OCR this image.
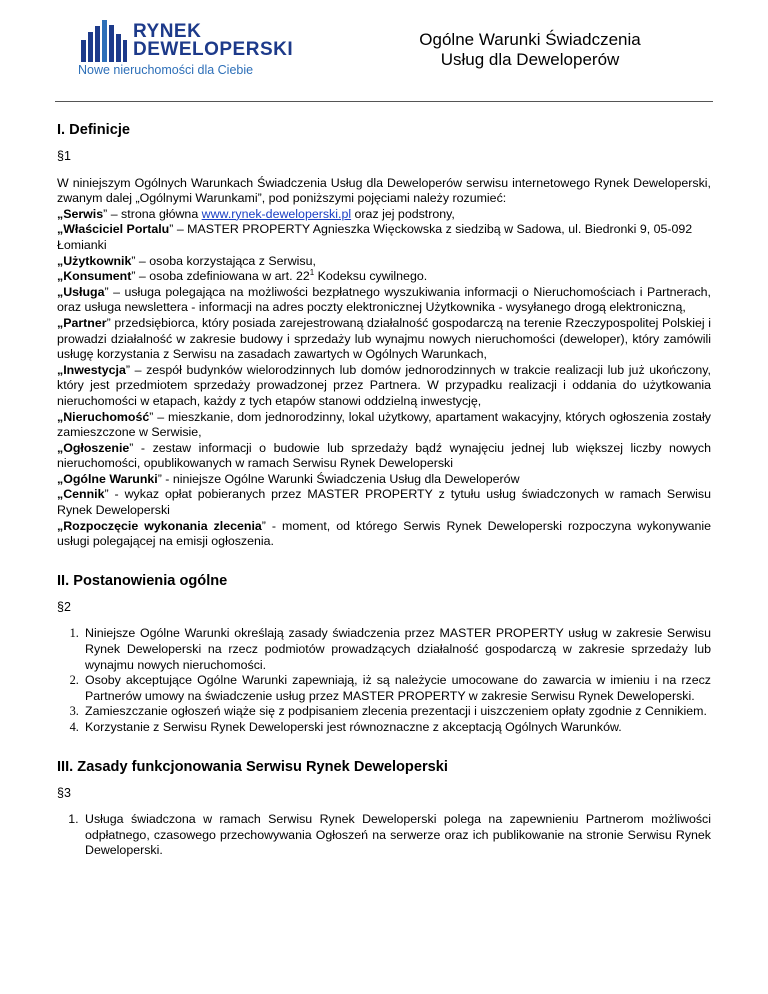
RYNEK
DEWELOPERSKI
Nowe nieruchomości dla Ciebie
Ogólne Warunki Świadczenia
Usług dla Deweloperów
I. Definicje
§1

W niniejszym Ogólnych Warunkach Świadczenia Usług dla Deweloperów serwisu internetowego Rynek Deweloperski, zwanym dalej „Ogólnymi Warunkami”, pod poniższymi pojęciami należy rozumieć:

„Serwis” – strona główna www.rynek-deweloperski.pl oraz jej podstrony,

„Właściciel Portalu” – MASTER PROPERTY Agnieszka Więckowska z siedzibą w Sadowa, ul. Biedronki 9, 05-092 Łomianki

„Użytkownik” – osoba korzystająca z Serwisu,

„Konsument” – osoba zdefiniowana w art. $22^1$ Kodeksu cywilnego.

„Usługa” – usługa polegająca na możliwości bezpłatnego wyszukiwania informacji o Nieruchomościach i Partnerach, oraz usługa newslettera - informacji na adres poczty elektronicznej Użytkownika - wysyłanego drogą elektroniczną,

„Partner” przedsiębiorca, który posiada zarejestrowaną działalność gospodarczą na terenie Rzeczypospolitej Polskiej i prowadzi działalność w zakresie budowy i sprzedaży lub wynajmu nowych nieruchomości (deweloper), który zamówili usługę korzystania z Serwisu na zasadach zawartych w Ogólnych Warunkach,

„Inwestycja” – zespół budynków wielorodzinnych lub domów jednorodzinnych w trakcie realizacji lub już ukończony, który jest przedmiotem sprzedaży prowadzonej przez Partnera. W przypadku realizacji i oddania do użytkowania nieruchomości w etapach, każdy z tych etapów stanowi oddzielną inwestycję,

„Nieruchomość” – mieszkanie, dom jednorodzinny, lokal użytkowy, apartament wakacyjny, których ogłoszenia zostały zamieszczone w Serwisie,

„Ogłoszenie” - zestaw informacji o budowie lub sprzedaży bądź wynajęciu jednej lub większej liczby nowych nieruchomości, opublikowanych w ramach Serwisu Rynek Deweloperski

„Ogólne Warunki” - niniejsze Ogólne Warunki Świadczenia Usług dla Deweloperów

„Cennik” - wykaz opłat pobieranych przez MASTER PROPERTY z tytułu usług świadczonych w ramach Serwisu Rynek Deweloperski

„Rozpoczęcie wykonania zlecenia” - moment, od którego Serwis Rynek Deweloperski rozpoczyna wykonywanie usługi polegającej na emisji ogłoszenia.

II. Postanowienia ogólne
§2
1. Niniejsze Ogólne Warunki określają zasady świadczenia przez MASTER PROPERTY usług w zakresie Serwisu Rynek Deweloperski na rzecz podmiotów prowadzących działalność gospodarczą w zakresie sprzedaży lub wynajmu nowych nieruchomości.
2. Osoby akceptujące Ogólne Warunki zapewniają, iż są należycie umocowane do zawarcia w imieniu i na rzecz Partnerów umowy na świadczenie usług przez MASTER PROPERTY w zakresie Serwisu Rynek Deweloperski.
3. Zamieszczanie ogłoszeń wiąże się z podpisaniem zlecenia prezentacji i uiszczeniem opłaty zgodnie z Cennikiem.
4. Korzystanie z Serwisu Rynek Deweloperski jest równoznaczne z akceptacją Ogólnych Warunków.
III. Zasady funkcjonowania Serwisu Rynek Deweloperski
§3
1. Usługa świadczona w ramach Serwisu Rynek Deweloperski polega na zapewnieniu Partnerom możliwości odpłatnego, czasowego przechowywania Ogłoszeń na serwerze oraz ich publikowanie na stronie Serwisu Rynek Deweloperski.
